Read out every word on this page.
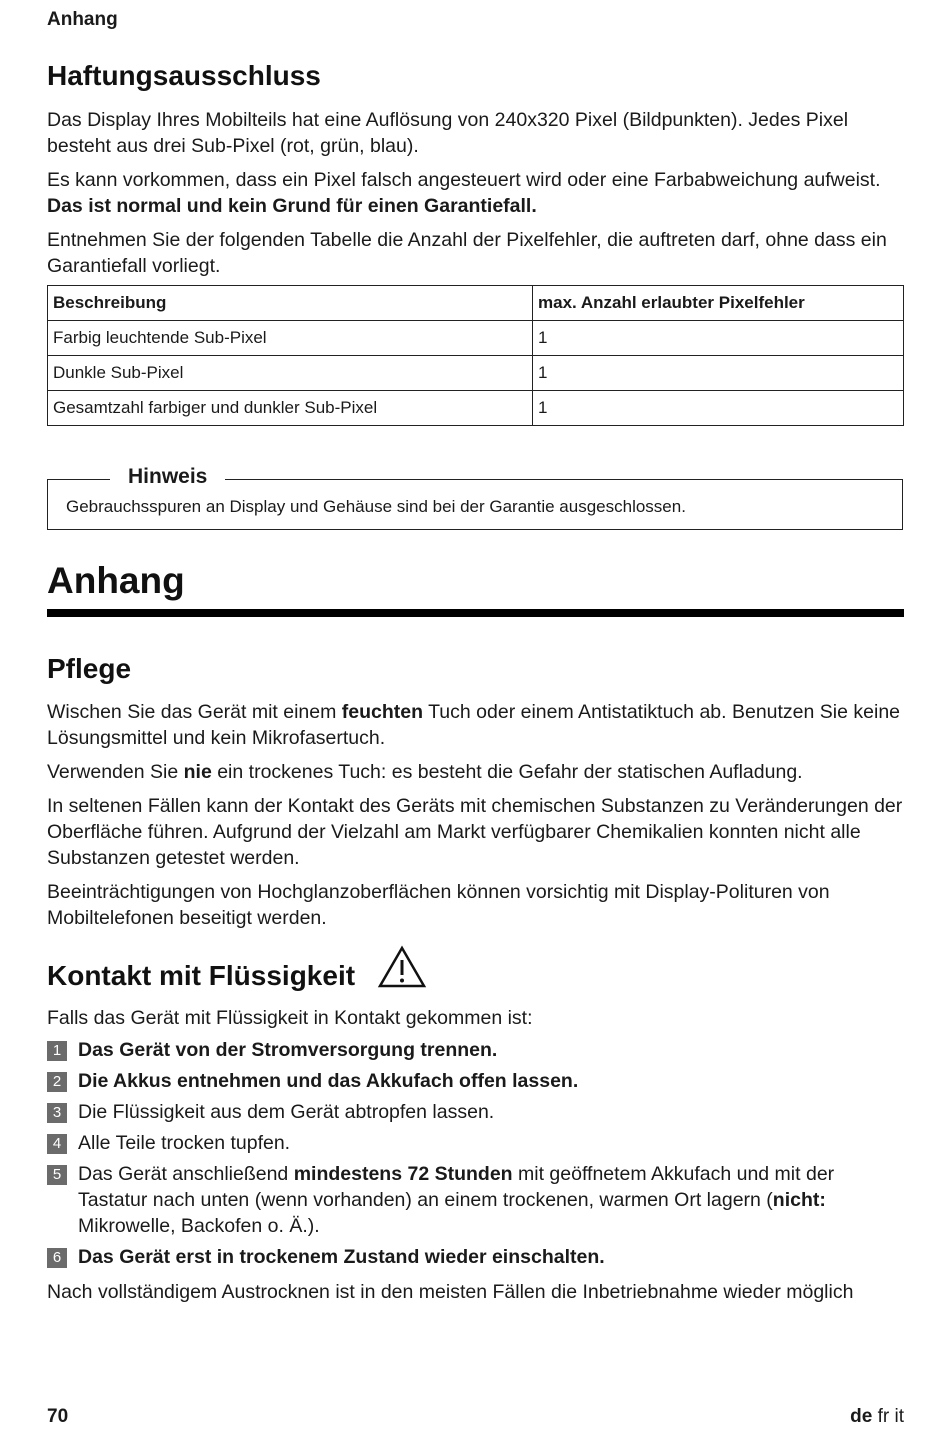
Anhang
Haftungsausschluss

Das Display Ihres Mobilteils hat eine Auflösung von 240x320 Pixel (Bildpunkten). Jedes Pixel besteht aus drei Sub-Pixel (rot, grün, blau).

Es kann vorkommen, dass ein Pixel falsch angesteuert wird oder eine Farbabweichung aufweist.
Das ist normal und kein Grund für einen Garantiefall.

Entnehmen Sie der folgenden Tabelle die Anzahl der Pixelfehler, die auftreten darf, ohne dass ein Garantiefall vorliegt.

Beschreibung	max. Anzahl erlaubter Pixelfehler
Farbig leuchtende Sub-Pixel	1
Dunkle Sub-Pixel	1
Gesamtzahl farbiger und dunkler Sub-Pixel	1
Hinweis
Gebrauchsspuren an Display und Gehäuse sind bei der Garantie ausgeschlossen.
Anhang
Pflege

Wischen Sie das Gerät mit einem feuchten Tuch oder einem Antistatiktuch ab. Benutzen Sie keine Lösungsmittel und kein Mikrofasertuch.

Verwenden Sie nie ein trockenes Tuch: es besteht die Gefahr der statischen Aufladung.

In seltenen Fällen kann der Kontakt des Geräts mit chemischen Substanzen zu Veränderungen der Oberfläche führen. Aufgrund der Vielzahl am Markt verfügbarer Chemikalien konnten nicht alle Substanzen getestet werden.

Beeinträchtigungen von Hochglanzoberflächen können vorsichtig mit Display-Polituren von Mobiltelefonen beseitigt werden.

Kontakt mit Flüssigkeit

Falls das Gerät mit Flüssigkeit in Kontakt gekommen ist:

1 Das Gerät von der Stromversorgung trennen.
2 Die Akkus entnehmen und das Akkufach offen lassen.
3 Die Flüssigkeit aus dem Gerät abtropfen lassen.
4 Alle Teile trocken tupfen.
5 Das Gerät anschließend mindestens 72 Stunden mit geöffnetem Akkufach und mit der Tastatur nach unten (wenn vorhanden) an einem trockenen, warmen Ort lagern (nicht: Mikrowelle, Backofen o. Ä.).
6 Das Gerät erst in trockenem Zustand wieder einschalten.

Nach vollständigem Austrocknen ist in den meisten Fällen die Inbetriebnahme wieder möglich

70	de fr it
